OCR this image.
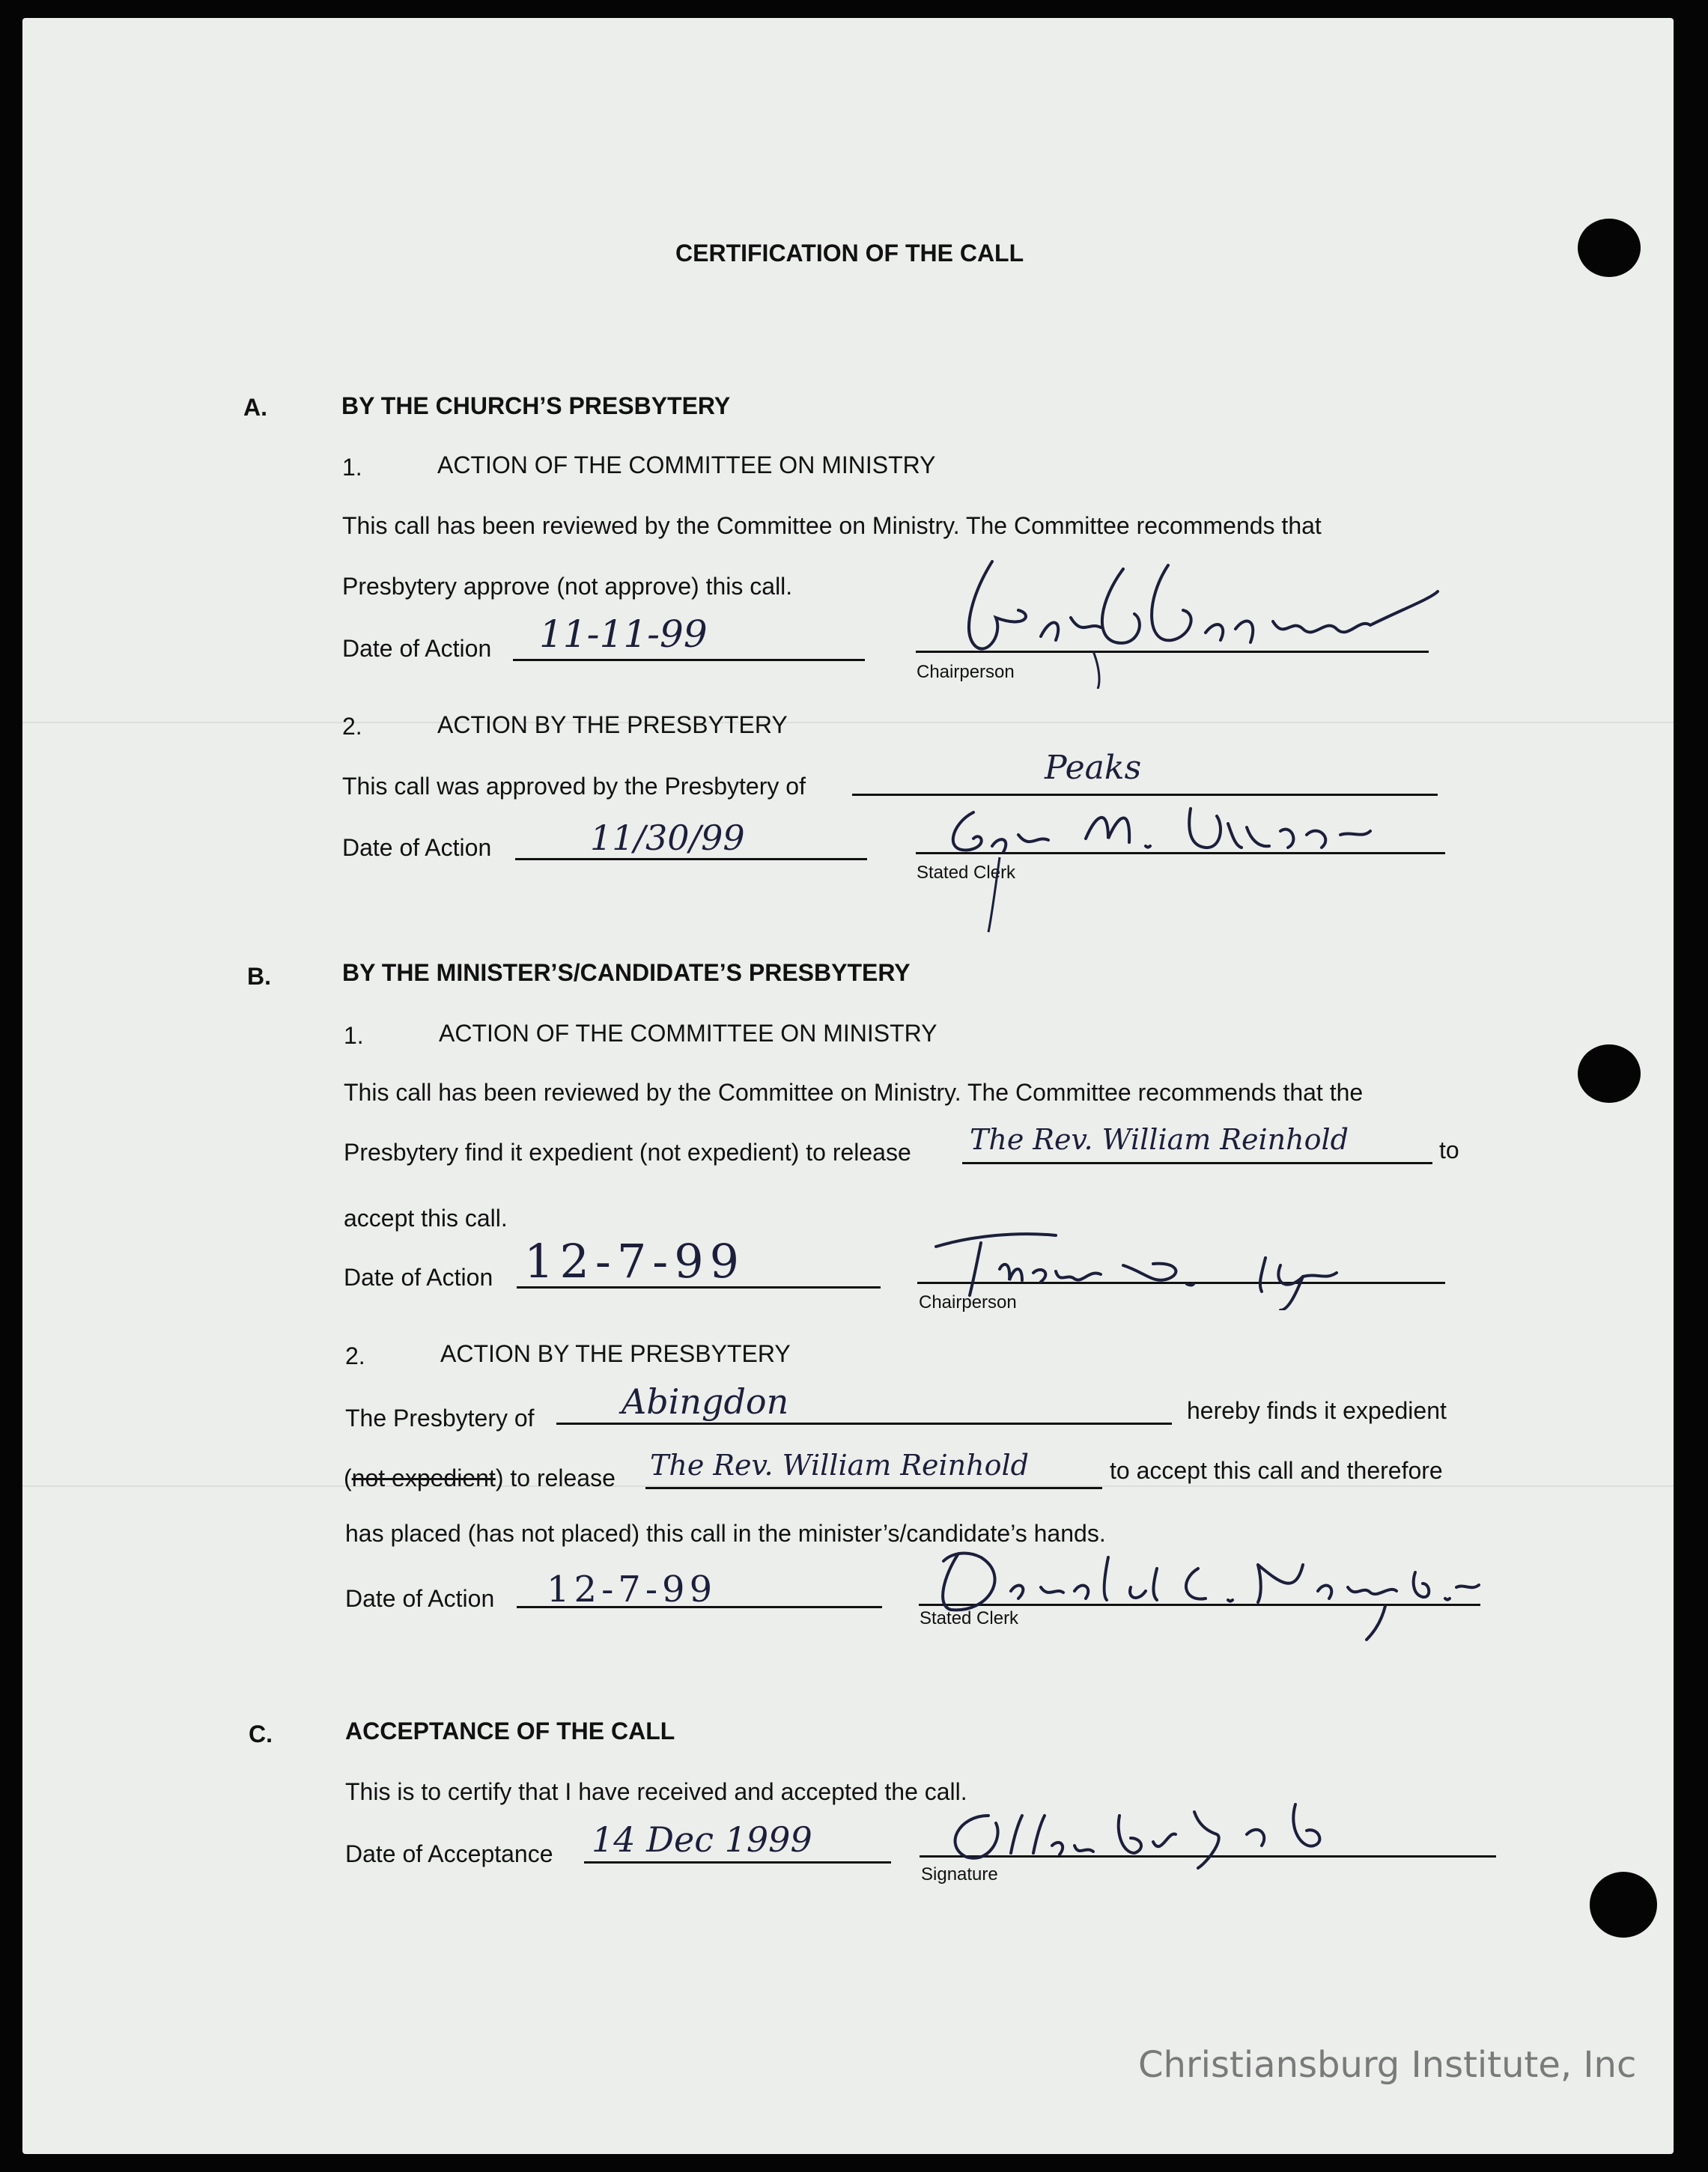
CERTIFICATION OF THE CALL
A.	BY THE CHURCH’S PRESBYTERY
1.	ACTION OF THE COMMITTEE ON MINISTRY
This call has been reviewed by the Committee on Ministry. The Committee recommends that
Presbytery approve (not approve) this call.
Date of Action 11-11-99
Chairperson
2.	ACTION BY THE PRESBYTERY
This call was approved by the Presbytery of	Peaks
Date of Action	11/30/99
Stated Clerk
B.	BY THE MINISTER’S/CANDIDATE’S PRESBYTERY
1.	ACTION OF THE COMMITTEE ON MINISTRY
This call has been reviewed by the Committee on Ministry. The Committee recommends that the
Presbytery find it expedient (not expedient) to release The Rev. William Reinhold	to
accept this call.
Date of Action 12-7-99
Chairperson
2.	ACTION BY THE PRESBYTERY
The Presbytery of	Abingdon	hereby finds it expedient
(not expedient) to release The Rev. William Reinhold	to accept this call and therefore
has placed (has not placed) this call in the minister’s/candidate’s hands.
Date of Action 12-7-99
Stated Clerk
C.	ACCEPTANCE OF THE CALL
This is to certify that I have received and accepted the call.
Date of Acceptance 14 Dec 1999
Signature
Christiansburg Institute, Inc
